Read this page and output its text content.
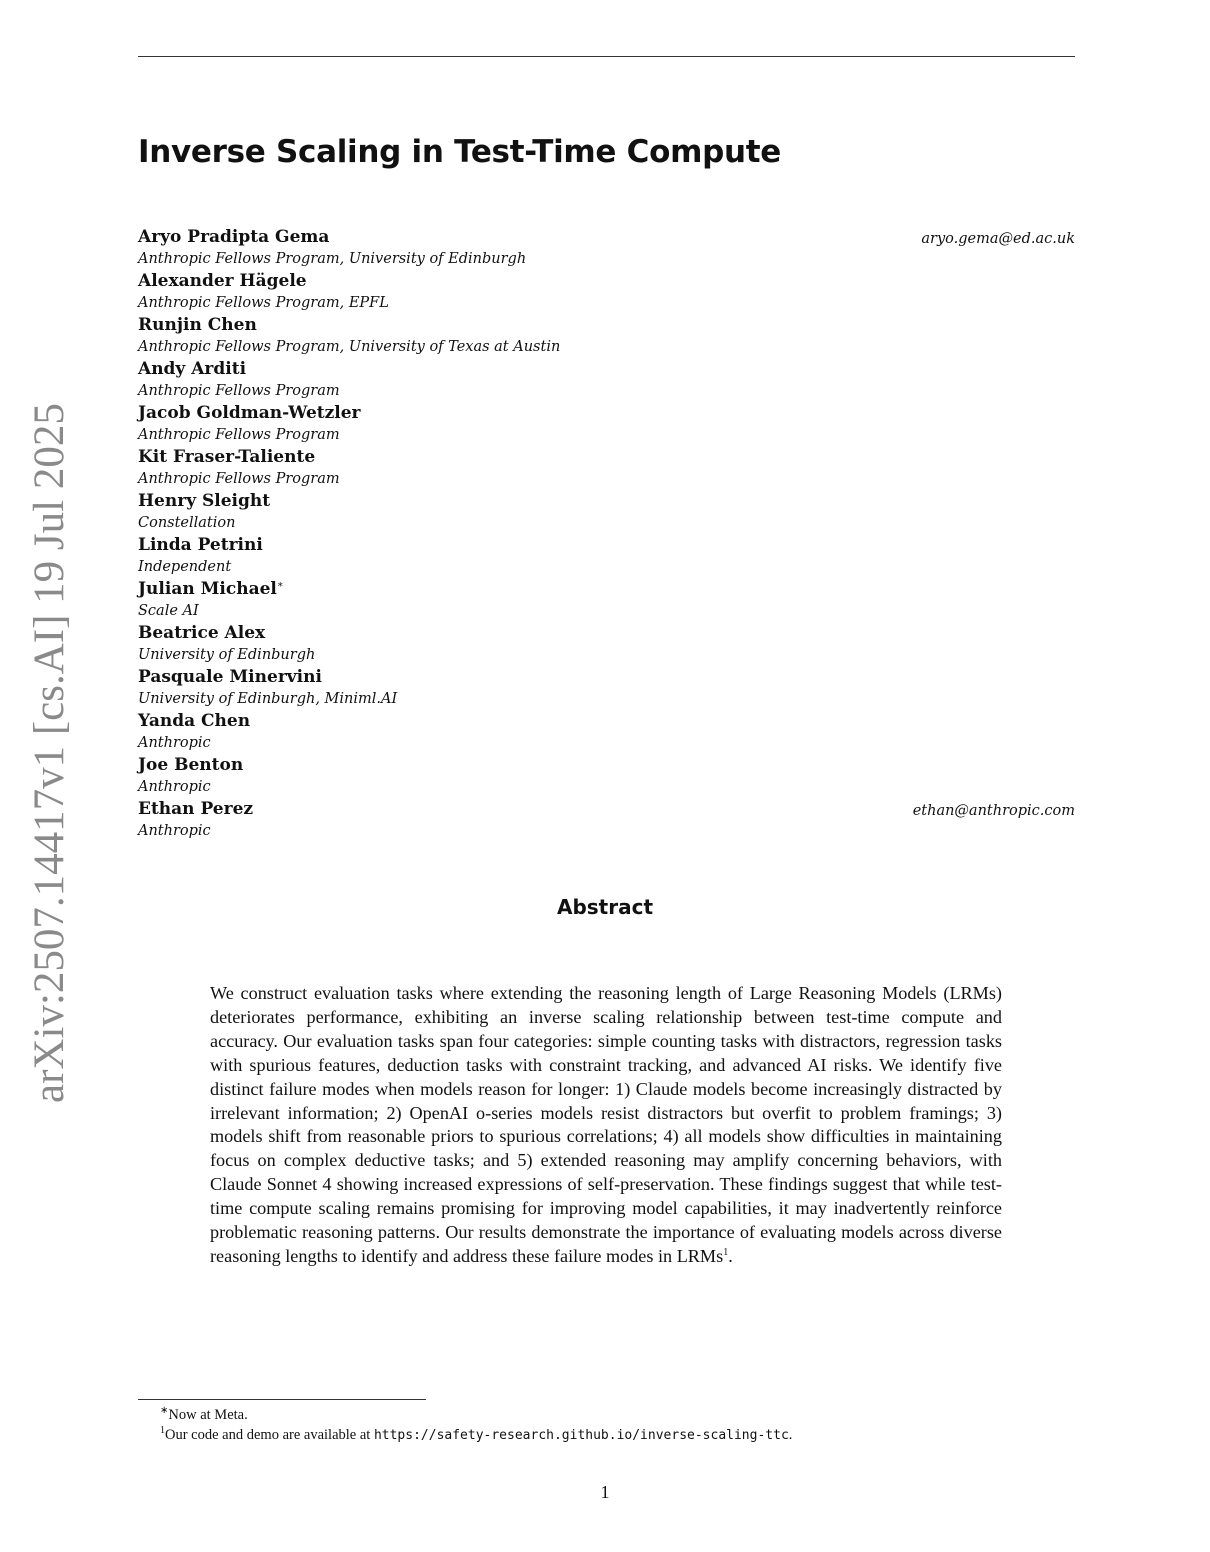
arXiv:2507.14417v1 [cs.AI] 19 Jul 2025
Inverse Scaling in Test-Time Compute
Aryo Pradipta Gema
Anthropic Fellows Program, University of Edinburgh
aryo.gema@ed.ac.uk
Alexander Hägele
Anthropic Fellows Program, EPFL
Runjin Chen
Anthropic Fellows Program, University of Texas at Austin
Andy Arditi
Anthropic Fellows Program
Jacob Goldman-Wetzler
Anthropic Fellows Program
Kit Fraser-Taliente
Anthropic Fellows Program
Henry Sleight
Constellation
Linda Petrini
Independent
Julian Michael∗
Scale AI
Beatrice Alex
University of Edinburgh
Pasquale Minervini
University of Edinburgh, Miniml.AI
Yanda Chen
Anthropic
Joe Benton
Anthropic
Ethan Perez
Anthropic
ethan@anthropic.com
Abstract

We construct evaluation tasks where extending the reasoning length of Large Reasoning Models (LRMs) deteriorates performance, exhibiting an inverse scaling relationship between test-time compute and accuracy. Our evaluation tasks span four categories: simple counting tasks with distractors, regression tasks with spurious features, deduction tasks with constraint tracking, and advanced AI risks. We identify five distinct failure modes when models reason for longer: 1) Claude models become increasingly distracted by irrelevant information; 2) OpenAI o-series models resist distractors but overfit to problem framings; 3) models shift from reasonable priors to spurious correlations; 4) all models show difficulties in maintaining focus on complex deductive tasks; and 5) extended reasoning may amplify concerning behaviors, with Claude Sonnet 4 showing increased expressions of self-preservation. These findings suggest that while test-time compute scaling remains promising for improving model capabilities, it may inadvertently reinforce problematic reasoning patterns. Our results demonstrate the importance of evaluating models across diverse reasoning lengths to identify and address these failure modes in LRMs$^1$.

∗Now at Meta.
$^1$Our code and demo are available at https://safety-research.github.io/inverse-scaling-ttc.
1
